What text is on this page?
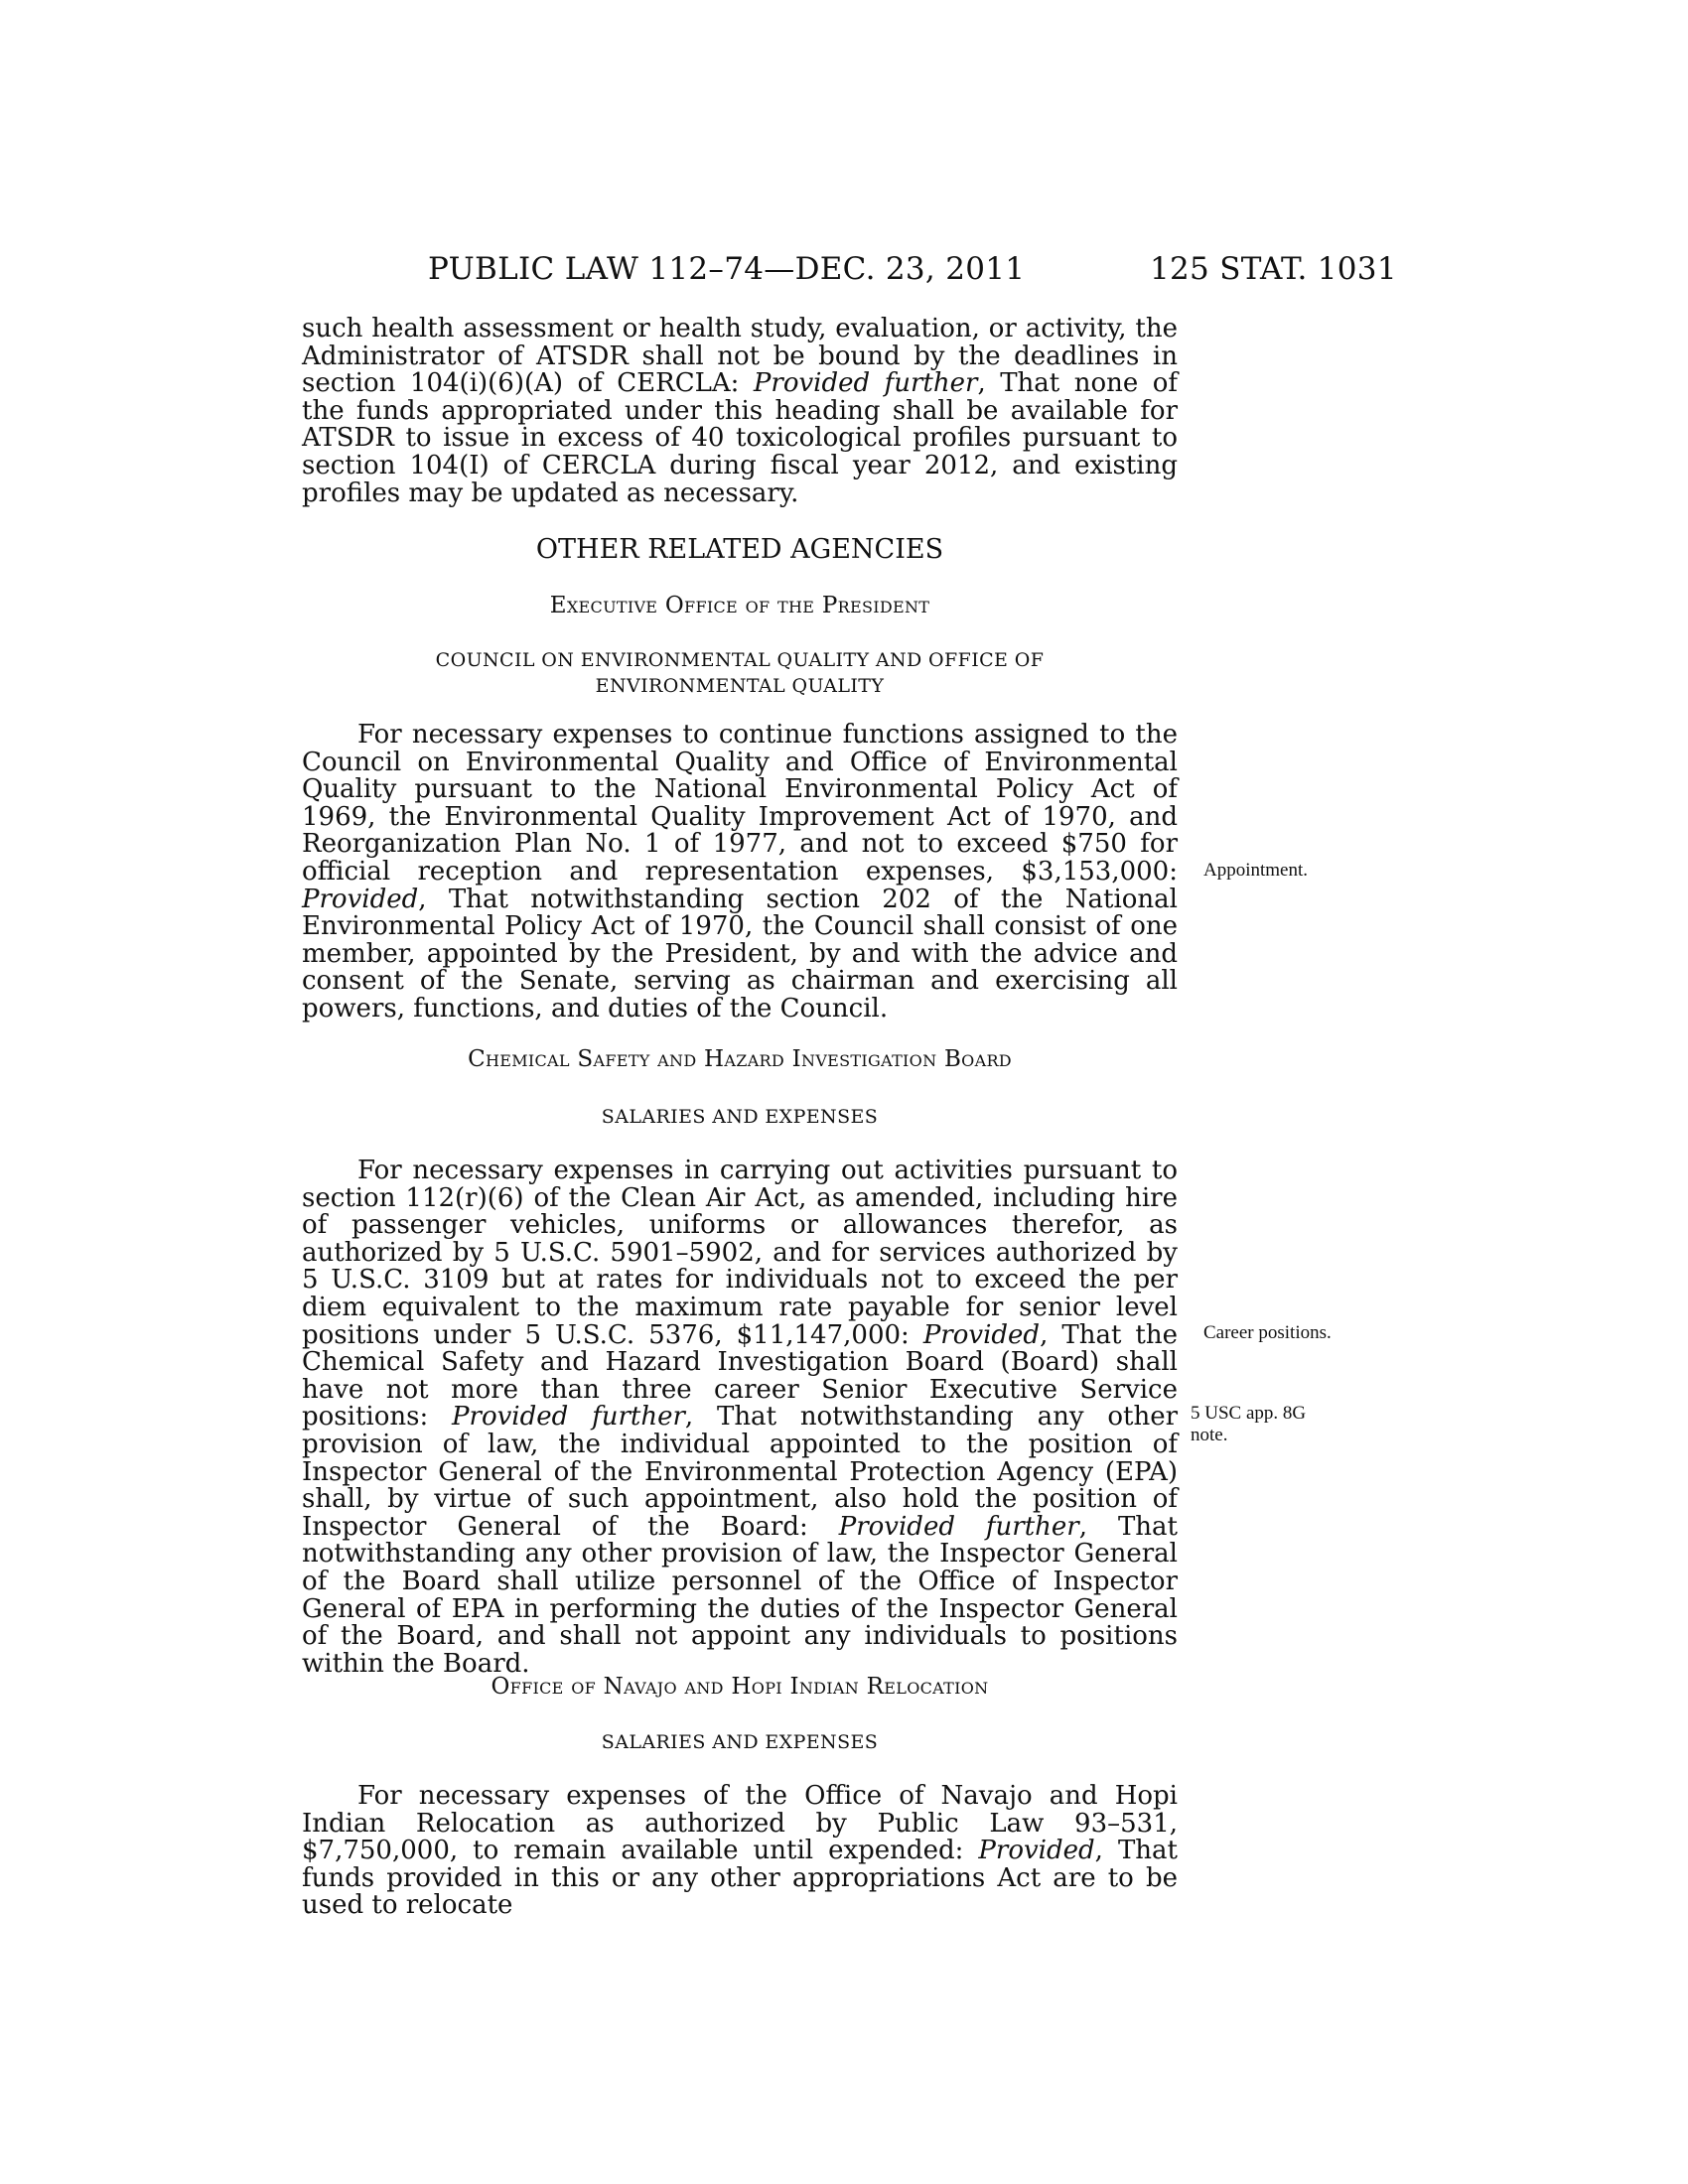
PUBLIC LAW 112–74—DEC. 23, 2011	125 STAT. 1031

such health assessment or health study, evaluation, or activity, the Administrator of ATSDR shall not be bound by the deadlines in section 104(i)(6)(A) of CERCLA: Provided further, That none of the funds appropriated under this heading shall be available for ATSDR to issue in excess of 40 toxicological profiles pursuant to section 104(I) of CERCLA during fiscal year 2012, and existing profiles may be updated as necessary.

OTHER RELATED AGENCIES

Executive Office of the President

COUNCIL ON ENVIRONMENTAL QUALITY AND OFFICE OF

ENVIRONMENTAL QUALITY

For necessary expenses to continue functions assigned to the Council on Environmental Quality and Office of Environmental Quality pursuant to the National Environmental Policy Act of 1969, the Environmental Quality Improvement Act of 1970, and Reorganization Plan No. 1 of 1977, and not to exceed $750 for official reception and representation expenses, $3,153,000: Provided, That notwithstanding section 202 of the National Environmental Policy Act of 1970, the Council shall consist of one member, appointed by the President, by and with the advice and consent of the Senate, serving as chairman and exercising all powers, functions, and duties of the Council.

Chemical Safety and Hazard Investigation Board

SALARIES AND EXPENSES

For necessary expenses in carrying out activities pursuant to section 112(r)(6) of the Clean Air Act, as amended, including hire of passenger vehicles, uniforms or allowances therefor, as authorized by 5 U.S.C. 5901–5902, and for services authorized by 5 U.S.C. 3109 but at rates for individuals not to exceed the per diem equivalent to the maximum rate payable for senior level positions under 5 U.S.C. 5376, $11,147,000: Provided, That the Chemical Safety and Hazard Investigation Board (Board) shall have not more than three career Senior Executive Service positions: Provided further, That notwithstanding any other provision of law, the individual appointed to the position of Inspector General of the Environmental Protection Agency (EPA) shall, by virtue of such appointment, also hold the position of Inspector General of the Board: Provided further, That notwithstanding any other provision of law, the Inspector General of the Board shall utilize personnel of the Office of Inspector General of EPA in performing the duties of the Inspector General of the Board, and shall not appoint any individuals to positions within the Board.

Office of Navajo and Hopi Indian Relocation

SALARIES AND EXPENSES

For necessary expenses of the Office of Navajo and Hopi Indian Relocation as authorized by Public Law 93–531, $7,750,000, to remain available until expended: Provided, That funds provided in this or any other appropriations Act are to be used to relocate

Appointment.
Career positions.
5 USC app. 8G
note.
